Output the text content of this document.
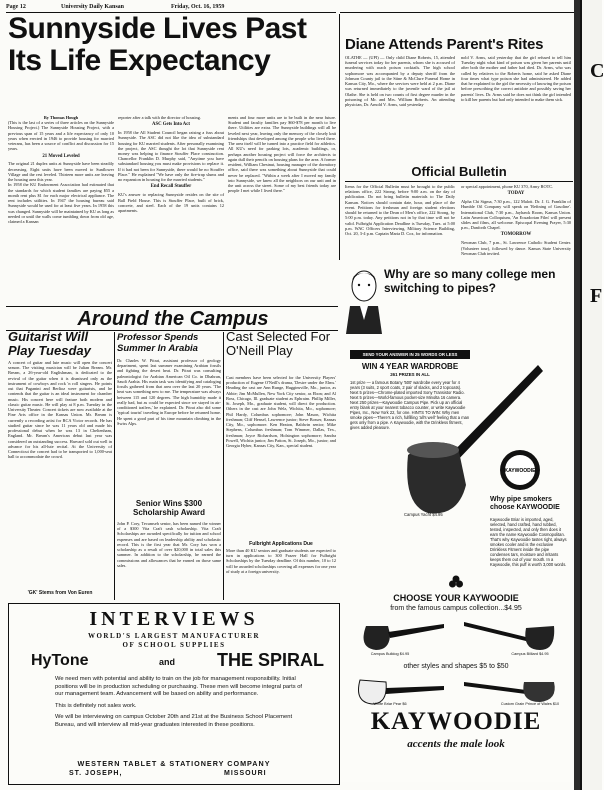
Page 12	University Daily Kansan	Friday, Oct. 16, 1959
Sunnyside Lives Past Its Life Expectancy
By Thomas Hough
(This is the last of a series of three articles on the Sunnyside Housing Project.) The Sunnyside Housing Project, with a previous span of 15 years and a life expectancy of only 10 years when erected in 1946 to provide housing for married veterans, has been a source of conflict and discussion for 15 years.
21 Moved Leveled
The original 21 duplex units at Sunnyside have been steadily decreasing. Eight units have been moved to Sunflower Village and the rest leveled. Thirteen more units are leaving the housing area this year.
In 1958 the KU Endowment Association had estimated that the standards for which student families are paying $55 a month rent plus $1 for each major electrical appliance. The rent includes utilities. In 1947 the housing bureau said Sunnyside would be used for at least five years. In 1958 this was changed. Sunnyside will be maintained by KU as long as needed or until the walls come tumbling down from old age, claimed a Kansan
reporter after a talk with the director of housing.
ASC Gets Into Act
In 1958 the All Student Council began raising a fuss about Sunnyside. The ASC did not like the idea of substandard housing for KU married students. After personally examining the project, the ASC thought the lot that Sunnyside rent money was helping to finance Stouffer Place construction. Chancellor Franklin D. Murphy said, "Anytime you have substandard housing you must make provisions to replace it. If it had not been for Sunnyside, there would be no Stouffer Place." He explained "We have only the fire-trap slums and no expansion in housing for the married students."
End Recall Stouffer
KU's answer to replacing Sunnyside resides on the site of Ball Field House. This is Stouffer Place, built of brick, concrete, and steel. Each of the 19 units contains 12 apartments.
ments and four more units are to be built in the near future. Student and faculty families pay $60-$78 per month to live there. Utilities are extra. The Sunnyside buildings will all be leveled next year, leaving only the memory of the closely knit friendships that developed among the people who lived there. The area itself will be turned into a practice field for athletics. All KU's need for parking lots, academic buildings, or, perhaps another housing project will force the architects to again dull their pencils on housing plans for the area. A former resident, William Chestnut, housing manager of the dormitory office, said there was something about Sunnyside that could never be replaced. "Within a week after I moved my family into Sunnyside, we knew all the neighbors on our unit and in the unit across the street. Some of my best friends today are people I met while I lived there."
Diane Attends Parent's Rites
OLATHE — (UPI) — Only child Diane Roberts, 15, attended funeral services today for her parents, whom she is accused of murdering with roach poison cocktails. The high school sophomore was accompanied by a deputy sheriff from the Johnson County jail to the Stine & McClure Funeral Home in Kansas City, Mo., where the services were held at 2 p.m. Diane was returned immediately to the juvenile ward of the jail at Olathe. She is held on two counts of first degree murder in the poisoning of Mr. and Mrs. William Roberts. An attending physician, Dr. Arnold V. Arms, said yesterday
nold V. Arms, said yesterday that the girl refused to tell him Tuesday night what kind of poison was given her parents until after both the mother and father had died. Dr. Arms, who was called by relatives to the Roberts home, said he asked Diane four times what type poison she had administered. He added that he explained to the girl the necessity of knowing the poison before prescribing the correct antidote and possibly saving her parents' lives. Dr. Arms said he does not think the girl intended to kill her parents but had only intended to make them sick.
Official Bulletin
Items for the Official Bulletin must be brought to the public relations office, 222 Strong, before 9:00 a.m. on the day of publication. Do not bring bulletin materials to The Daily Kansan. Notices should contain date, hour, and place of the event. Petitions for freshman and foreign student elections should be returned to the Dean of Men's office, 222 Strong, by 5:00 p.m. today. Any petitions not in by that time will not be valid. Fulbright Application Deadline is Tuesday, Tues. at 5:00 p.m. WAC Officers Interviewing, Military Science Building, Oct. 20, 3-4 p.m. Captain Maria D. Cox, for information.
or special appointment, phone KU 370, Army ROTC.
TODAY
Alpha Chi Sigma, 7:30 p.m., 122 Malott. Dr. J. G. Franklin of Humble Oil Company will speak on 'Refining of Gasoline'. International Club, 7:30 p.m., Jayhawk Room, Kansas Union. Latin American Colloquium, 'An Ecuadorian Film' will present slides and films, all welcome. Episcopal Evening Prayer, 5:30 p.m., Danforth Chapel.
TOMORROW
Newman Club, 7 p.m., St. Lawrence Catholic Student Center. (Volunteer tour), followed by dance. Kansas State University Newman Club invited.
Around the Campus
Guitarist Will Play Tuesday
A concert of guitar and lute music will open the concert season. The visiting musician will be Julian Bream. Mr. Bream, a 26-year-old Englishman, is dedicated to the revival of the guitar when it is dismissed only as the instrument of cowboys and rock 'n roll singers. He points out that Paganini and Berlioz were guitarists, and he contends that the guitar is an ideal instrument for chamber music. His concert here will feature both modern and classic guitar music. He will play at 8 p.m. Tuesday in the University Theater. Concert tickets are now available at the Fine Arts office in the Kansas Union. Mr. Bream is currently a recording artist for RCA Victor records. He has studied guitar since he was 11 years old and made his professional debut when he was 13 in Cheltenham, England. Mr. Bream's American debut last year was considered an outstanding success. Harvard sold out well in advance for his all-lute recital. At the University of Connecticut the concert had to be transported to 1,000-seat hall to accommodate the crowd.
'GK' Stems from Von Euren
Professor Spends Summer In Arabia
Dr. Charles W. Pitrat, assistant professor of geology department, spent last summer examining Arabian fossils and fighting the desert heat. Dr. Pitrat was consulting paleontologist for Arabian American Oil Co. in Dhahran, Saudi Arabia. His main task was identifying and cataloging fossils gathered from that area over the last 20 years. 'The heat was something new to me. The temperature was always between 115 and 120 degrees. The high humidity made it really bad, but as could be expected since we stayed in air-conditioned trailers,' he explained. Dr. Pitrat also did some 'typical tourist' traveling in Europe before he returned home. He spent a good part of his time mountain climbing in the Swiss Alps.
Senior Wins $300 Scholarship Award
John P. Cory, Tecumseh senior, has been named the winner of a $300 Vita Craft cash scholarship. Vita Craft Scholarships are awarded specifically for tuition and school expenses and are based on leadership ability and scholastic record. This is the first year that Mr. Cory has won a scholarship as a result of over $20,000 in total sales this summer. In addition to the scholarship, he earned the commissions and allowances that he earned on those same sales.
Cast Selected For O'Neill Play
Cast members have been selected for the University Players' production of Eugene O'Neill's drama, 'Desire under the Elms.' Heading the cast are Ann Runge, Hugginsville, Mo., junior, as Abbie; Jim McMullen, New York City senior, as Ebon; and Al Boss, Chicago, Ill. graduate student as Ephraim. Phillip Miller, St. Joseph, Mo., graduate student, will direct the production. Others in the cast are John Welz, Wichita, Mo., sophomore; Phil Hardy, Columbus sophomore; John Mason, Wichita freshman; Cliff Hensel, Lawrence junior; Steve Bosser, Kansas City, Mo., sophomore. Ken Heaton, Baldwin senior; Mike Stephens, Columbus freshman; Tom Wimmer, Dallas, Tex., freshman; Joyce Richardson, Holsington sophomore; Sandra Powell, Wichita junior; Jim Patton, St. Joseph, Mo., junior; and Georgia Hyber, Kansas City, Kan., special student.
Fulbright Applications Due
More than 40 KU seniors and graduate students are expected to turn in applications to 300 Frazer Hall for Fulbright Scholarships by the Tuesday deadline. Of this number, 10 to 12 will be awarded scholarships covering all expenses for one year of study at a foreign university.
INTERVIEWS
WORLD'S LARGEST MANUFACTURER
OF SCHOOL SUPPLIES
HyTone	and THE SPIRAL
We need men with potential and ability to train on the job for management responsibility. Initial positions will be in production scheduling or purchasing. These men will become integral parts of our management team. Advancement will be based on ability and performance.
This is definitely not sales work.
We will be interviewing on campus October 20th and 21st at the Business School Placement Bureau, and will interview all mid-year graduates interested in these positions.
WESTERN TABLET & STATIONERY COMPANY
ST. JOSEPH,	MISSOURI
Why are so many college men switching to pipes?
SEND YOUR ANSWER IN 25 WORDS OR LESS
WIN 4 YEAR WARDROBE
261 PRIZES IN ALL
1st prize — a famous Botany '500' wardrobe every year for 4 years (3 suits, 2 sport coats, 2 pair of slacks, and 2 topcoats). Next 5 prizes—Chrome-plated imported Sony Transistor Radio. Next 5 prizes—World-famous pocket-size Minolta 16 camera. Next 250 prizes—Kaywoodie Campus Pipe. Pick up an official entry blank at your nearest tobacco counter, or write Kaywoodie Pipes, Inc., New York 22, for one. HINTS TO WIN: Why men smoke pipes—There's a rich, fulfilling 'all's well' feeling that a man gets only from a pipe. A Kaywoodie, with the Drinkless fitment, gives added pleasure.
Campus Yacht $4.95
KAYWOODIE
Why pipe smokers choose KAYWOODIE
Kaywoodie Briar is imported, aged, selected, hand crafted, hand rubbed, tested, inspected, and only then does it earn the name Kaywoodie Cosmopolitan. That's why Kaywoodie tastes right, always smokes cooler and is the exclusive Drinkless Fitment inside the pipe condenses tars, moisture and irritants keeps them out of your mouth. In a Kaywoodie, this puff is worth 3,000 words.
CHOOSE YOUR KAYWOODIE
from the famous campus collection...$4.95
Campus Bulldog $4.95	Campus Billiard $4.95
other styles and shapes $5 to $50
White Briar Pear $6	Custom Grain Prince of Wales $10
KAYWOODIE
accents the male look
C
F
